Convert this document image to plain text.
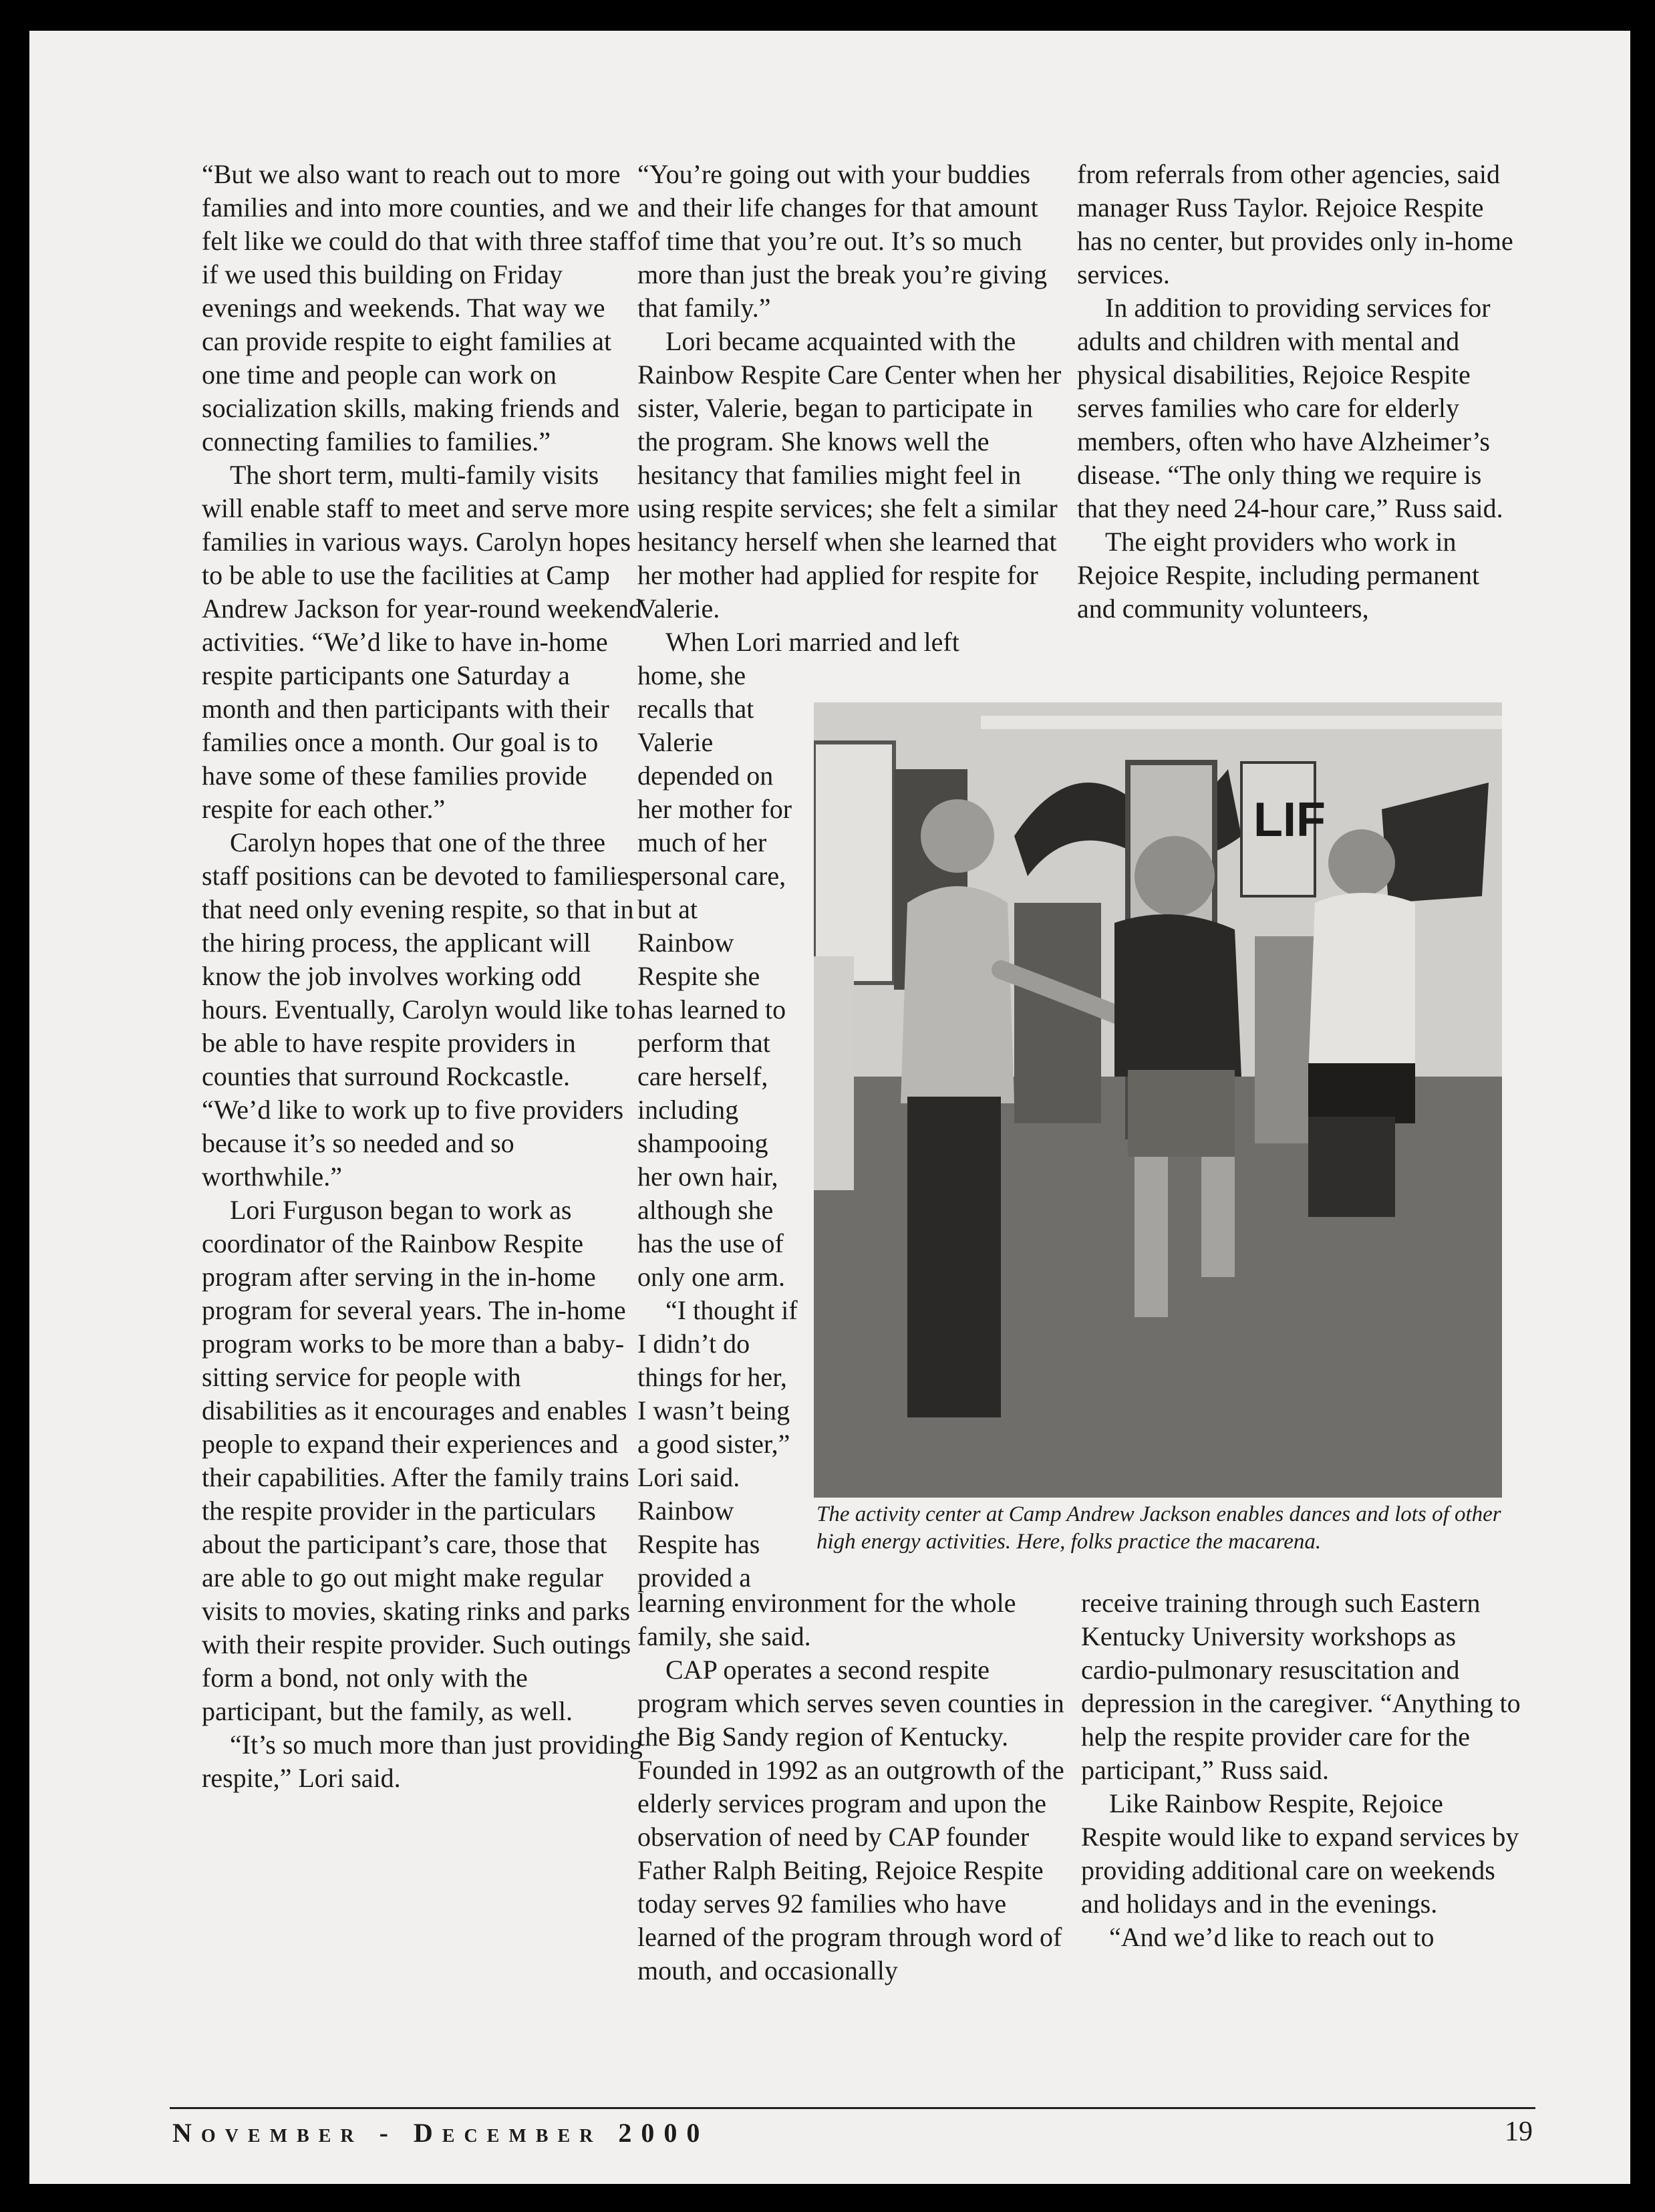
“But we also want to reach out to more families and into more counties, and we felt like we could do that with three staff if we used this building on Friday evenings and weekends. That way we can provide respite to eight families at one time and people can work on socialization skills, making friends and connecting families to families.”

The short term, multi-family visits will enable staff to meet and serve more families in various ways. Carolyn hopes to be able to use the facilities at Camp Andrew Jackson for year-round weekend activities. “We’d like to have in-home respite participants one Saturday a month and then participants with their families once a month. Our goal is to have some of these families provide respite for each other.”

Carolyn hopes that one of the three staff positions can be devoted to families that need only evening respite, so that in the hiring process, the applicant will know the job involves working odd hours. Eventually, Carolyn would like to be able to have respite providers in counties that surround Rockcastle. “We’d like to work up to five providers because it’s so needed and so worthwhile.”

Lori Furguson began to work as coordinator of the Rainbow Respite program after serving in the in-home program for several years. The in-home program works to be more than a baby-sitting service for people with disabilities as it encourages and enables people to expand their experiences and their capabilities. After the family trains the respite provider in the particulars about the participant’s care, those that are able to go out might make regular visits to movies, skating rinks and parks with their respite provider. Such outings form a bond, not only with the participant, but the family, as well.

“It’s so much more than just providing respite,” Lori said.

“You’re going out with your buddies and their life changes for that amount of time that you’re out. It’s so much more than just the break you’re giving that family.”

Lori became acquainted with the Rainbow Respite Care Center when her sister, Valerie, began to participate in the program. She knows well the hesitancy that families might feel in using respite services; she felt a similar hesitancy herself when she learned that her mother had applied for respite for Valerie.

When Lori married and left

home, she recalls that Valerie depended on her mother for much of her personal care, but at Rainbow Respite she has learned to perform that care herself, including shampooing her own hair, although she has the use of only one arm.

“I thought if I didn’t do things for her, I wasn’t being a good sister,” Lori said. Rainbow Respite has provided a

learning environment for the whole family, she said.

CAP operates a second respite program which serves seven counties in the Big Sandy region of Kentucky. Founded in 1992 as an outgrowth of the elderly services program and upon the observation of need by CAP founder Father Ralph Beiting, Rejoice Respite today serves 92 families who have learned of the program through word of mouth, and occasionally

from referrals from other agencies, said manager Russ Taylor. Rejoice Respite has no center, but provides only in-home services.

In addition to providing services for adults and children with mental and physical disabilities, Rejoice Respite serves families who care for elderly members, often who have Alzheimer’s disease. “The only thing we require is that they need 24-hour care,” Russ said.

The eight providers who work in Rejoice Respite, including permanent and community volunteers,

receive training through such Eastern Kentucky University workshops as cardio-pulmonary resuscitation and depression in the caregiver. “Anything to help the respite provider care for the participant,” Russ said.

Like Rainbow Respite, Rejoice Respite would like to expand services by providing additional care on weekends and holidays and in the evenings.

“And we’d like to reach out to

LIF

The activity center at Camp Andrew Jackson enables dances and lots of other high energy activities. Here, folks practice the macarena.

November - December 2000	19
